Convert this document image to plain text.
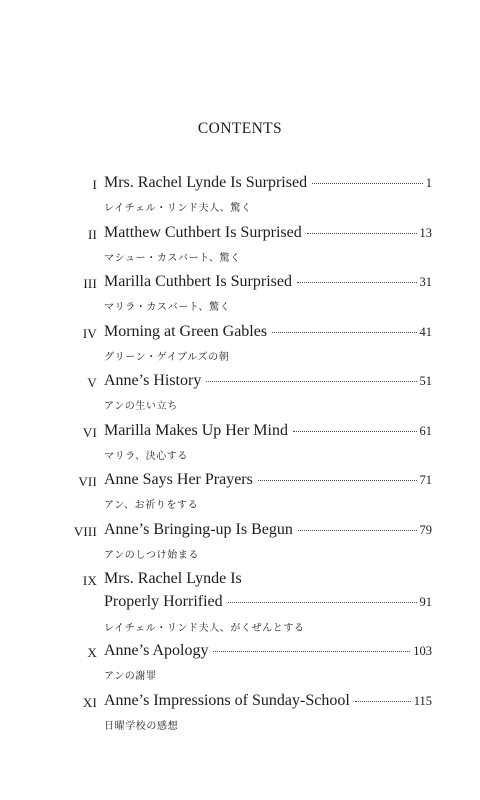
CONTENTS
I Mrs. Rachel Lynde Is Surprised	1
レイチェル・リンド夫人、驚く
II Matthew Cuthbert Is Surprised	13
マシュー・カスバート、驚く
III Marilla Cuthbert Is Surprised	31
マリラ・カスバート、驚く
IV Morning at Green Gables	41
グリーン・ゲイブルズの朝
V Anne’s History	51
アンの生い立ち
VI Marilla Makes Up Her Mind	61
マリラ、決心する
VII Anne Says Her Prayers	71
アン、お祈りをする
VIII Anne’s Bringing-up Is Begun	79
アンのしつけ始まる
IX Mrs. Rachel Lynde Is
Properly Horrified	91
レイチェル・リンド夫人、がくぜんとする
X Anne’s Apology	103
アンの謝罪
XI Anne’s Impressions of Sunday-School	115
日曜学校の感想
